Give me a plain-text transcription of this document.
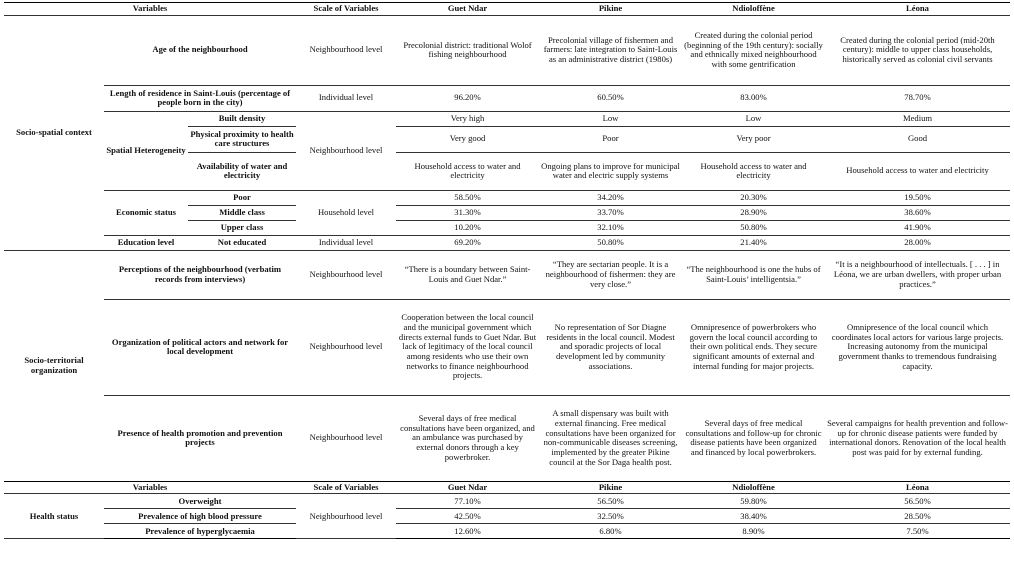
Variables			Scale of Variables	Guet Ndar	Pikine	Ndioloffène	Léona
Socio-spatial context	Age of the neighbourhood		Neighbourhood level	Precolonial district: traditional Wolof fishing neighbourhood	Precolonial village of fishermen and farmers: late integration to Saint-Louis as an administrative district (1980s)	Created during the colonial period (beginning of the 19th century): socially and ethnically mixed neighbourhood with some gentrification	Created during the colonial period (mid-20th century): middle to upper class households, historically served as colonial civil servants
	Length of residence in Saint-Louis (percentage of people born in the city)		Individual level	96.20%	60.50%	83.00%	78.70%
	Spatial Heterogeneity	Built density	Neighbourhood level	Very high	Low	Low	Medium
		Physical proximity to health care structures		Very good	Poor	Very poor	Good
		Availability of water and electricity		Household access to water and electricity	Ongoing plans to improve for municipal water and electric supply systems	Household access to water and electricity	Household access to water and electricity
	Economic status	Poor	Household level	58.50%	34.20%	20.30%	19.50%
		Middle class		31.30%	33.70%	28.90%	38.60%
		Upper class		10.20%	32.10%	50.80%	41.90%
	Education level	Not educated	Individual level	69.20%	50.80%	21.40%	28.00%
Socio-territorial organization	Perceptions of the neighbourhood (verbatim records from interviews)		Neighbourhood level	“There is a boundary between Saint-Louis and Guet Ndar.”	“They are sectarian people. It is a neighbourhood of fishermen: they are very close.”	“The neighbourhood is one the hubs of Saint-Louis’ intelligentsia.”	“It is a neighbourhood of intellectuals. [ . . . ] in Léona, we are urban dwellers, with proper urban practices.”
	Organization of political actors and network for local development		Neighbourhood level	Cooperation between the local council and the municipal government which directs external funds to Guet Ndar. But lack of legitimacy of the local council among residents who use their own networks to finance neighbourhood projects.	No representation of Sor Diagne residents in the local council. Modest and sporadic projects of local development led by community associations.	Omnipresence of powerbrokers who govern the local council according to their own political ends. They secure significant amounts of external and internal funding for major projects.	Omnipresence of the local council which coordinates local actors for various large projects. Increasing autonomy from the municipal government thanks to tremendous fundraising capacity.
	Presence of health promotion and prevention projects		Neighbourhood level	Several days of free medical consultations have been organized, and an ambulance was purchased by external donors through a key powerbroker.	A small dispensary was built with external financing. Free medical consultations have been organized for non-communicable diseases screening, implemented by the greater Pikine council at the Sor Daga health post.	Several days of free medical consultations and follow-up for chronic disease patients have been organized and financed by local powerbrokers.	Several campaigns for health prevention and follow-up for chronic disease patients were funded by international donors. Renovation of the local health post was paid for by external funding.
Variables			Scale of Variables	Guet Ndar	Pikine	Ndioloffène	Léona
Health status	Overweight		Neighbourhood level	77.10%	56.50%	59.80%	56.50%
	Prevalence of high blood pressure			42.50%	32.50%	38.40%	28.50%
	Prevalence of hyperglycaemia			12.60%	6.80%	8.90%	7.50%
